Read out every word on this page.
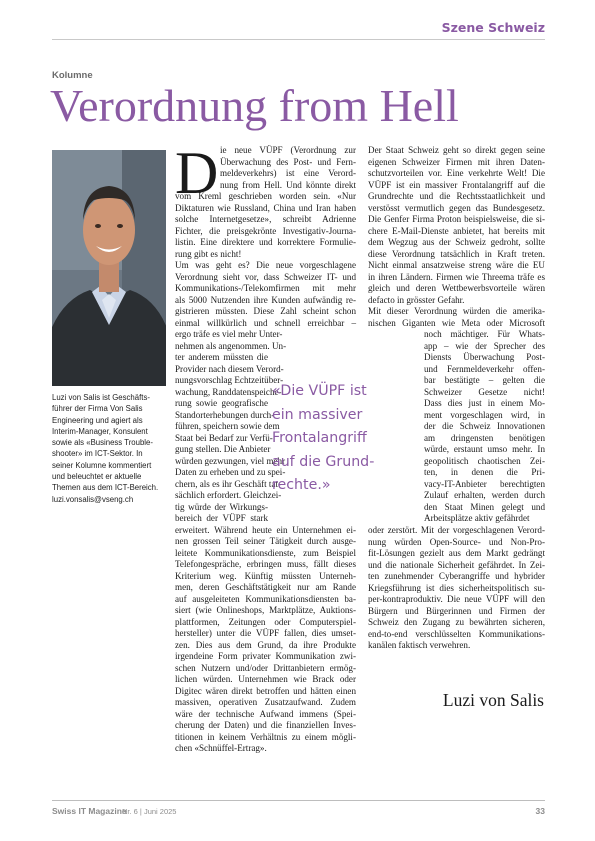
Szene Schweiz
Kolumne
Verordnung from Hell
Luzi von Salis ist Geschäfts-
führer der Firma Von Salis
Engineering und agiert als
Interim-Manager, Konsulent
sowie als «Business Trouble-
shooter» im ICT-Sektor. In
seiner Kolumne kommentiert
und beleuchtet er aktuelle
Themen aus dem ICT-Bereich.
luzi.vonsalis@vseng.ch
D ie neue VÜPF (Verordnung zur
Überwachung des Post- und Fern-
meldeverkehrs) ist eine Verord-
nung from Hell. Und könnte direkt
vom Kreml geschrieben worden sein. «Nur
Diktaturen wie Russland, China und Iran haben
solche Internetgesetze», schreibt Adrienne
Fichter, die preisgekrönte Investigativ-Journa-
listin. Eine direktere und korrektere Formulie-
rung gibt es nicht!
Um was geht es? Die neue vorgeschlagene
Verordnung sieht vor, dass Schweizer IT- und
Kommunikations-/Telekomfirmen mit mehr
als 5000 Nutzenden ihre Kunden aufwändig re-
gistrieren müssten. Diese Zahl scheint schon
einmal willkürlich und schnell erreichbar –
ergo träfe es viel mehr Unter-
nehmen als angenommen. Un-
ter anderem müssten die
Provider nach diesem Verord-
nungsvorschlag Echtzeitüber-
wachung, Randdatenspeiche-
rung sowie geografische
Standorterhebungen durch-
führen, speichern sowie dem
Staat bei Bedarf zur Verfü-
gung stellen. Die Anbieter
würden gezwungen, viel mehr
Daten zu erheben und zu spei-
chern, als es ihr Geschäft tat-
sächlich erfordert. Gleichzei-
tig würde der Wirkungs-
bereich der VÜPF stark
erweitert. Während heute ein Unternehmen ei-
nen grossen Teil seiner Tätigkeit durch ausge-
leitete Kommunikationsdienste, zum Beispiel
Telefongespräche, erbringen muss, fällt dieses
Kriterium weg. Künftig müssten Unterneh-
men, deren Geschäftstätigkeit nur am Rande
auf ausgeleiteten Kommunikationsdiensten ba-
siert (wie Onlineshops, Marktplätze, Auktions-
plattformen, Zeitungen oder Computerspiel-
hersteller) unter die VÜPF fallen, dies umset-
zen. Dies aus dem Grund, da ihre Produkte
irgendeine Form privater Kommunikation zwi-
schen Nutzern und/oder Drittanbietern ermög-
lichen würden. Unternehmen wie Brack oder
Digitec wären direkt betroffen und hätten einen
massiven, operativen Zusatzaufwand. Zudem
wäre der technische Aufwand immens (Spei-
cherung der Daten) und die finanziellen Inves-
titionen in keinem Verhältnis zu einem mögli-
chen «Schnüffel-Ertrag».
«Die VÜPF ist
ein massiver
Frontalangriff
auf die Grund-
rechte.»
Der Staat Schweiz geht so direkt gegen seine
eigenen Schweizer Firmen mit ihren Daten-
schutzvorteilen vor. Eine verkehrte Welt! Die
VÜPF ist ein massiver Frontalangriff auf die
Grundrechte und die Rechtsstaatlichkeit und
verstösst vermutlich gegen das Bundesgesetz.
Die Genfer Firma Proton beispielsweise, die si-
chere E-Mail-Dienste anbietet, hat bereits mit
dem Wegzug aus der Schweiz gedroht, sollte
diese Verordnung tatsächlich in Kraft treten.
Nicht einmal ansatzweise streng wäre die EU
in ihren Ländern. Firmen wie Threema träfe es
gleich und deren Wettbewerbsvorteile wären
defacto in grösster Gefahr.
Mit dieser Verordnung würden die amerika-
nischen Giganten wie Meta oder Microsoft
noch mächtiger. Für Whats-
app – wie der Sprecher des
Diensts Überwachung Post-
und Fernmeldeverkehr offen-
bar bestätigte – gelten die
Schweizer Gesetze nicht!
Dass dies just in einem Mo-
ment vorgeschlagen wird, in
der die Schweiz Innovationen
am dringensten benötigen
würde, erstaunt umso mehr. In
geopolitisch chaotischen Zei-
ten, in denen die Pri-
vacy-IT-Anbieter berechtigten
Zulauf erhalten, werden durch
den Staat Minen gelegt und
Arbeitsplätze aktiv gefährdet
oder zerstört. Mit der vorgeschlagenen Verord-
nung würden Open-Source- und Non-Pro-
fit-Lösungen gezielt aus dem Markt gedrängt
und die nationale Sicherheit gefährdet. In Zei-
ten zunehmender Cyberangriffe und hybrider
Kriegsführung ist dies sicherheitspolitisch su-
per-kontraproduktiv. Die neue VÜPF will den
Bürgern und Bürgerinnen und Firmen der
Schweiz den Zugang zu bewährten sicheren,
end-to-end verschlüsselten Kommunikations-
kanälen faktisch verwehren.
Luzi von Salis
Swiss IT Magazine
Nr. 6 | Juni 2025	33
